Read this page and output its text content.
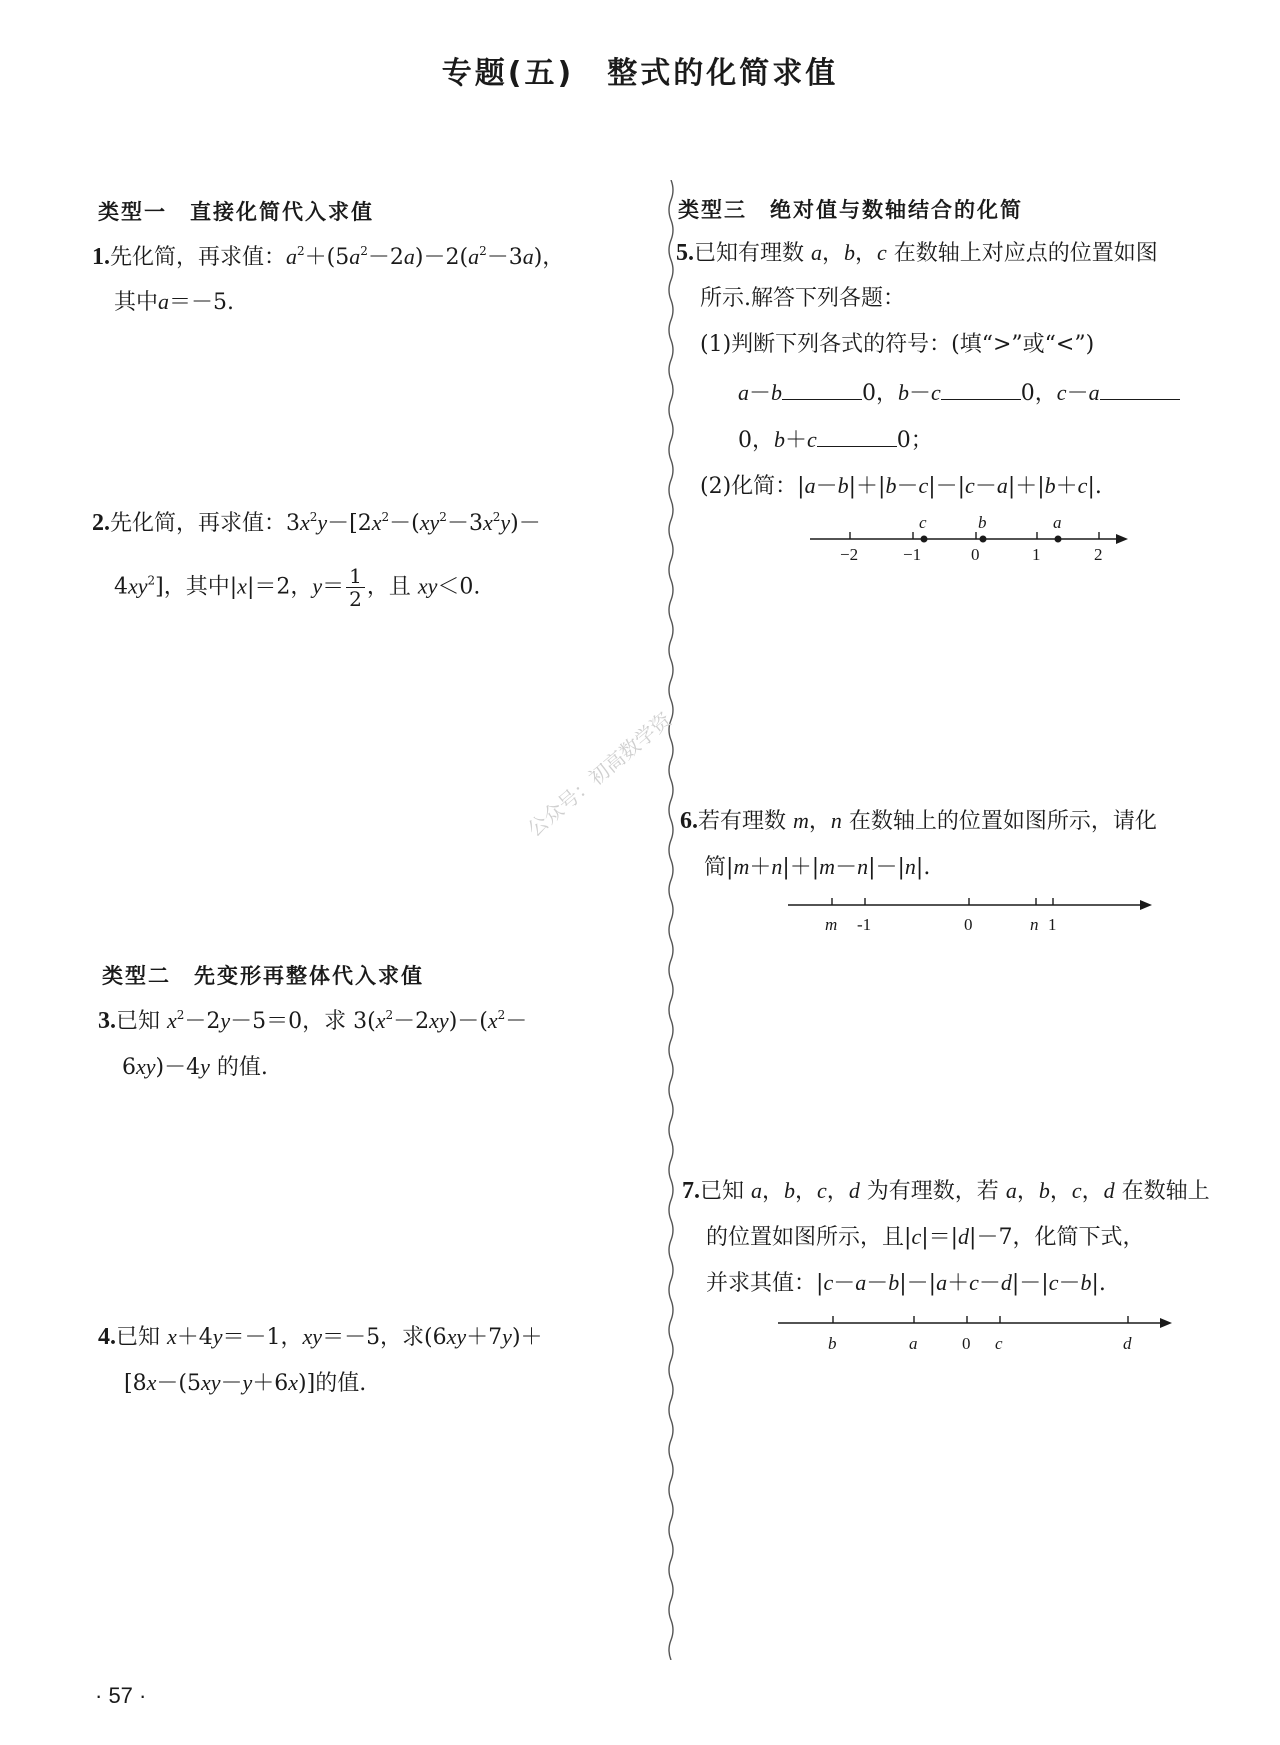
专题(五)　整式的化简求值
类型一　直接化简代入求值
1.先化简，再求值：$a^2+(5a^2-2a)-2(a^2-3a)$，
其中a＝－5.
2.先化简，再求值：$3x^2y-[2x^2-(xy^2-3x^2y)-$
$4xy^2$]，其中|x|＝2，$y= \frac{1}{2}$ ，且 xy＜0.
类型二　先变形再整体代入求值
3.已知 $x^2-2y-5=0$，求 $3(x^2-2xy)-(x^2-$
6xy)－4y 的值.
4.已知 x＋4y＝－1，xy＝－5，求(6xy＋7y)＋
[8x－(5xy－y＋6x)]的值.
类型三　绝对值与数轴结合的化简
5.已知有理数 a，b，c 在数轴上对应点的位置如图
所示.解答下列各题：
(1)判断下列各式的符号：(填“>”或“<”)
a－b	0，b－c	0，c－a
0，b＋c	0；
(2)化简：|a－b|＋|b－c|－|c－a|＋|b＋c|.
c	b	a
−2	−1	0	1	2
6.若有理数 m，n 在数轴上的位置如图所示，请化
简|m＋n|＋|m－n|－|n|.
m -1	0	n 1
7.已知 a，b，c，d 为有理数，若 a，b，c，d 在数轴上
的位置如图所示，且|c|＝|d|－7，化简下式，
并求其值：|c－a－b|－|a＋c－d|－|c－b|.
b	a	0 c	d
公众号：初高数学资
· 57 ·
